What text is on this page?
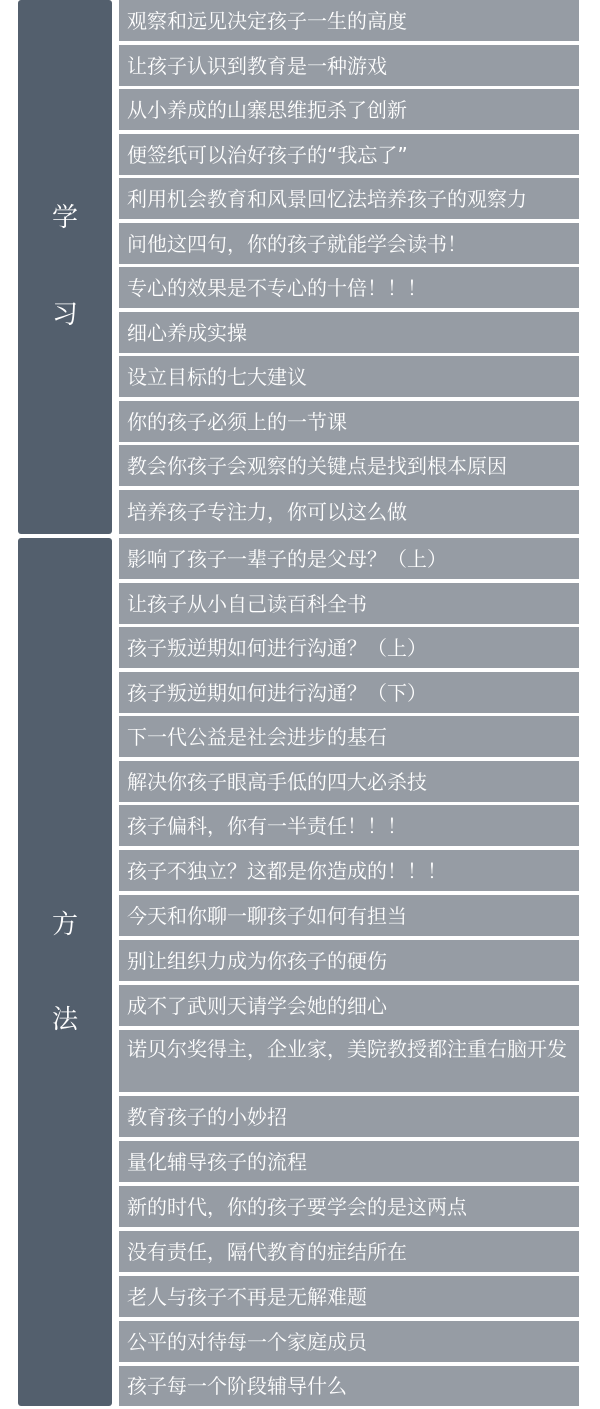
学
习
方
法
观察和远见决定孩子一生的高度
让孩子认识到教育是一种游戏
从小养成的山寨思维扼杀了创新
便签纸可以治好孩子的“我忘了”
利用机会教育和风景回忆法培养孩子的观察力
问他这四句，你的孩子就能学会读书！
专心的效果是不专心的十倍！！！
细心养成实操
设立目标的七大建议
你的孩子必须上的一节课
教会你孩子会观察的关键点是找到根本原因
培养孩子专注力，你可以这么做
影响了孩子一辈子的是父母？（上）
让孩子从小自己读百科全书
孩子叛逆期如何进行沟通？（上）
孩子叛逆期如何进行沟通？（下）
下一代公益是社会进步的基石
解决你孩子眼高手低的四大必杀技
孩子偏科，你有一半责任！！！
孩子不独立？这都是你造成的！！！
今天和你聊一聊孩子如何有担当
别让组织力成为你孩子的硬伤
成不了武则天请学会她的细心
诺贝尔奖得主，企业家，美院教授都注重右脑开发
教育孩子的小妙招
量化辅导孩子的流程
新的时代，你的孩子要学会的是这两点
没有责任，隔代教育的症结所在
老人与孩子不再是无解难题
公平的对待每一个家庭成员
孩子每一个阶段辅导什么
